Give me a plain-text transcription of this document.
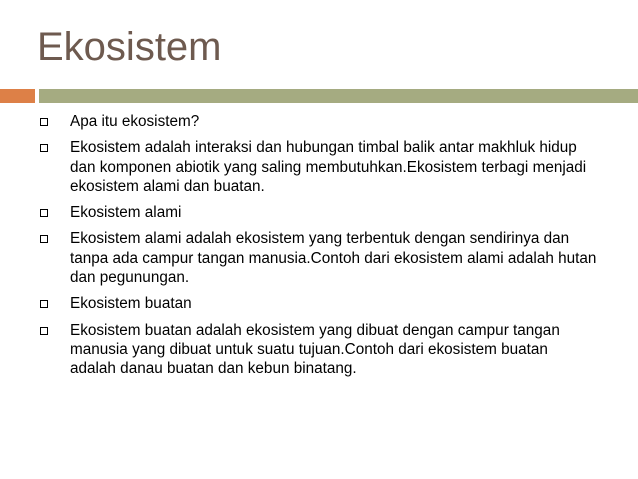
Ekosistem
Apa itu ekosistem?
Ekosistem adalah interaksi dan hubungan timbal balik antar makhluk hidup dan komponen abiotik yang saling membutuhkan.Ekosistem terbagi menjadi ekosistem alami dan buatan.
Ekosistem alami
Ekosistem alami adalah ekosistem yang terbentuk dengan sendirinya dan tanpa ada campur tangan manusia.Contoh dari ekosistem alami adalah hutan dan pegunungan.
Ekosistem buatan
Ekosistem buatan adalah ekosistem yang dibuat dengan campur tangan manusia yang dibuat untuk suatu tujuan.Contoh dari ekosistem buatan adalah danau buatan dan kebun binatang.
